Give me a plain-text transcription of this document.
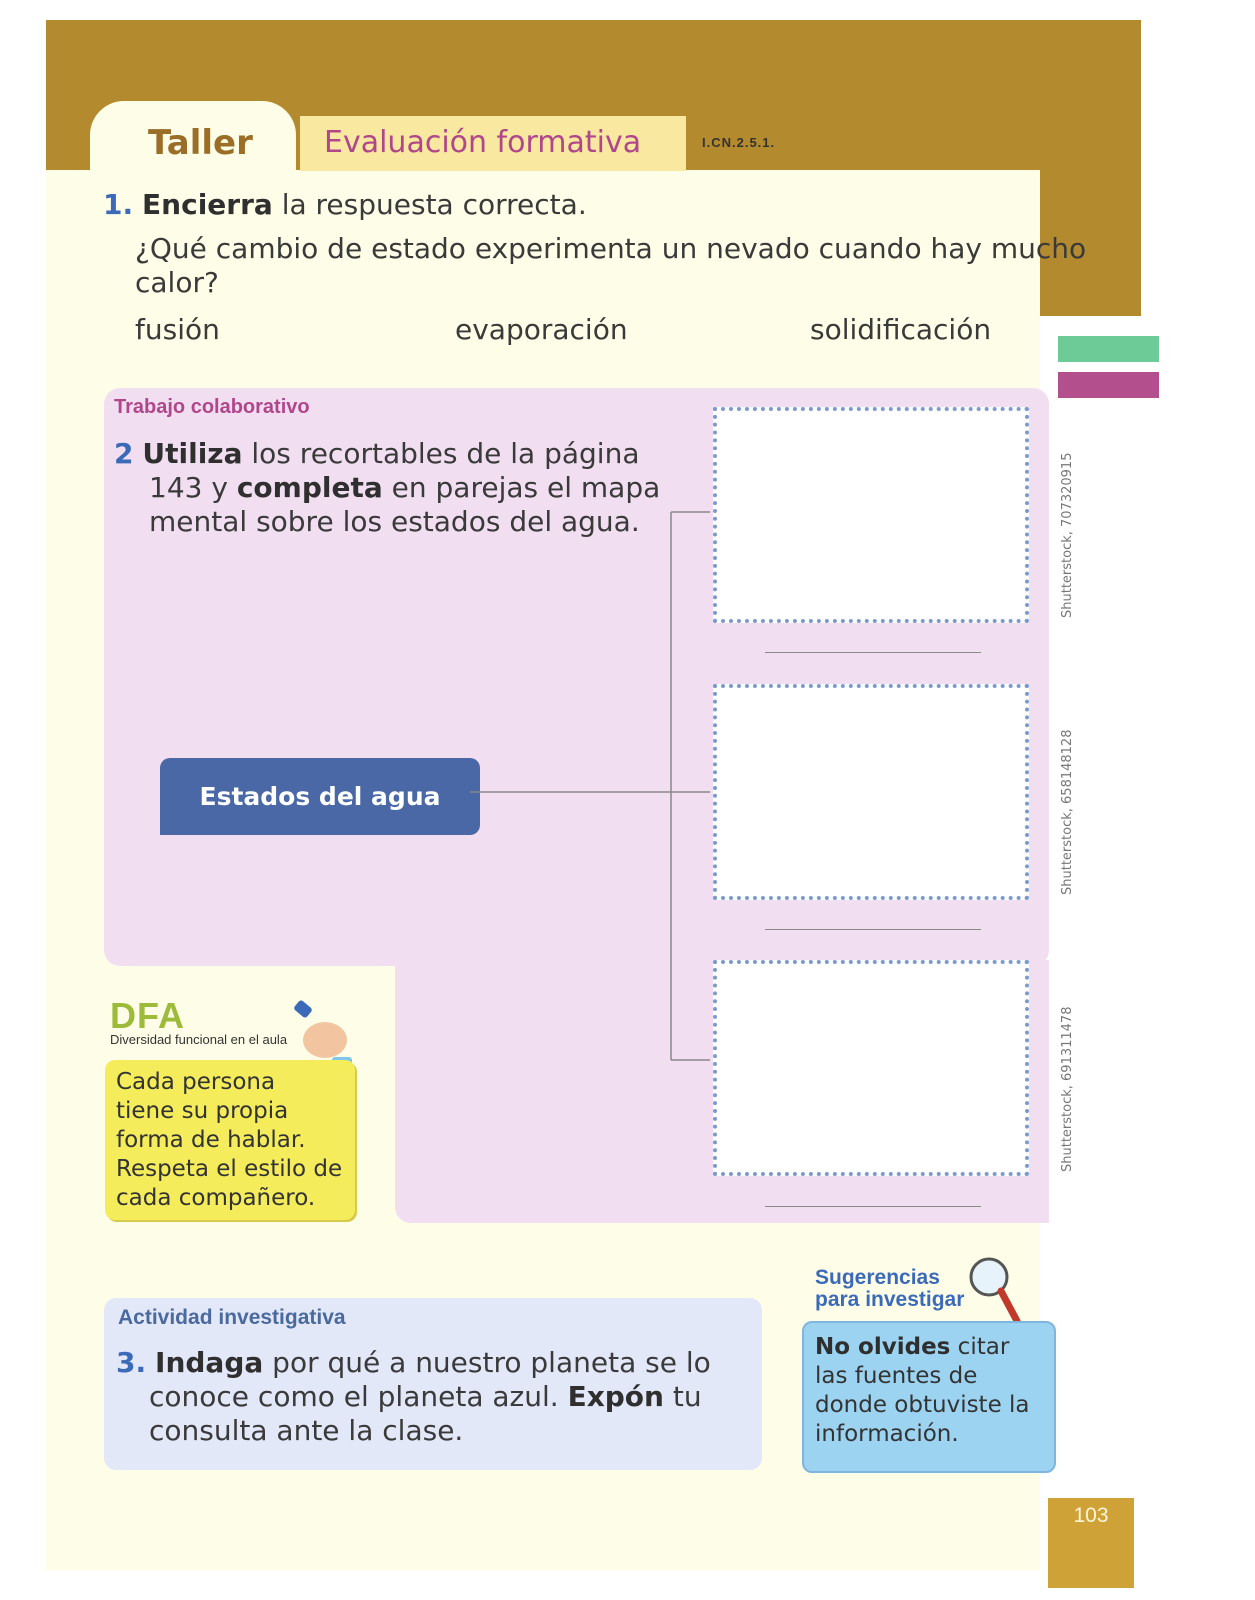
103
Taller Evaluación formativa	I.CN.2.5.1.
1. Encierra la respuesta correcta.
¿Qué cambio de estado experimenta un nevado cuando hay mucho
calor?
fusión	evaporación	solidificación
Trabajo colaborativo
2 Utiliza los recortables de la página
143 y completa en parejas el mapa
mental sobre los estados del agua.
Estados del agua
Shutterstock, 707320915
Shutterstock, 658148128
Shutterstock, 691311478
DFA
Diversidad funcional en el aula
Cada persona
tiene su propia
forma de hablar.
Respeta el estilo de
cada compañero.
Actividad investigativa
3. Indaga por qué a nuestro planeta se lo
conoce como el planeta azul. Expón tu
consulta ante la clase.
Sugerencias
para investigar
No olvides citar
las fuentes de
donde obtuviste la
información.
